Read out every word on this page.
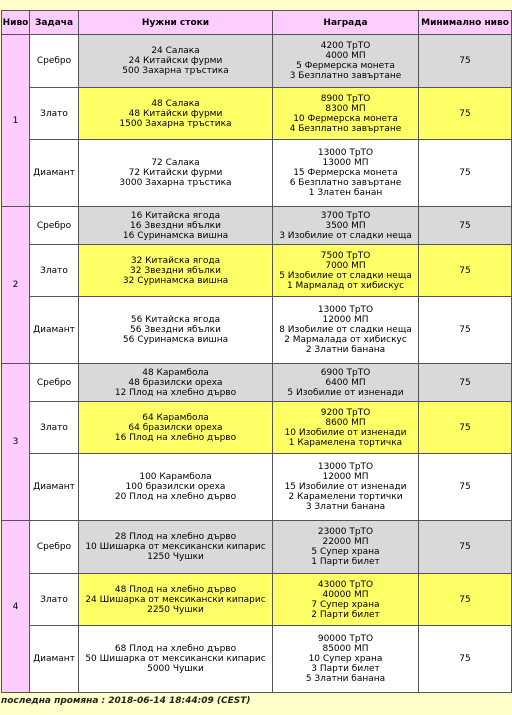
Ниво	Задача	Нужни стоки	Награда	Минимално ниво
1	Сребро	24 Салака
24 Китайски фурми
500 Захарна тръстика	4200 ТрТО
4000 МП
5 Фермерска монета
3 Безплатно завъртане	75
	Злато	48 Салака
48 Китайски фурми
1500 Захарна тръстика	8900 ТрТО
8300 МП
10 Фермерска монета
4 Безплатно завъртане	75
	Диамант	72 Салака
72 Китайски фурми
3000 Захарна тръстика	13000 ТрТО
13000 МП
15 Фермерска монета
6 Безплатно завъртане
1 Златен банан	75
2	Сребро	16 Китайска ягода
16 Звездни ябълки
16 Суринамска вишна	3700 ТрТО
3500 МП
3 Изобилие от сладки неща	75
	Злато	32 Китайска ягода
32 Звездни ябълки
32 Суринамска вишна	7500 ТрТО
7000 МП
5 Изобилие от сладки неща
1 Мармалад от хибискус	75
	Диамант	56 Китайска ягода
56 Звездни ябълки
56 Суринамска вишна	13000 ТрТО
12000 МП
8 Изобилие от сладки неща
2 Мармалада от хибискус
2 Златни банана	75
3	Сребро	48 Карамбола
48 бразилски ореха
12 Плод на хлебно дърво	6900 ТрТО
6400 МП
5 Изобилие от изненади	75
	Злато	64 Карамбола
64 бразилски ореха
16 Плод на хлебно дърво	9200 ТрТО
8600 МП
10 Изобилие от изненади
1 Карамелена тортичка	75
	Диамант	100 Карамбола
100 бразилски ореха
20 Плод на хлебно дърво	13000 ТрТО
12000 МП
15 Изобилие от изненади
2 Карамелени тортички
3 Златни банана	75
4	Сребро	28 Плод на хлебно дърво
10 Шишарка от мексикански кипарис
1250 Чушки	23000 ТрТО
22000 МП
5 Супер храна
1 Парти билет	75
	Злато	48 Плод на хлебно дърво
24 Шишарка от мексикански кипарис
2250 Чушки	43000 ТрТО
40000 МП
7 Супер храна
2 Парти билет	75
	Диамант	68 Плод на хлебно дърво
50 Шишарка от мексикански кипарис
5000 Чушки	90000 ТрТО
85000 МП
10 Супер храна
3 Парти билет
5 Златни банана	75
последна промяна : 2018-06-14 18:44:09 (CEST)
